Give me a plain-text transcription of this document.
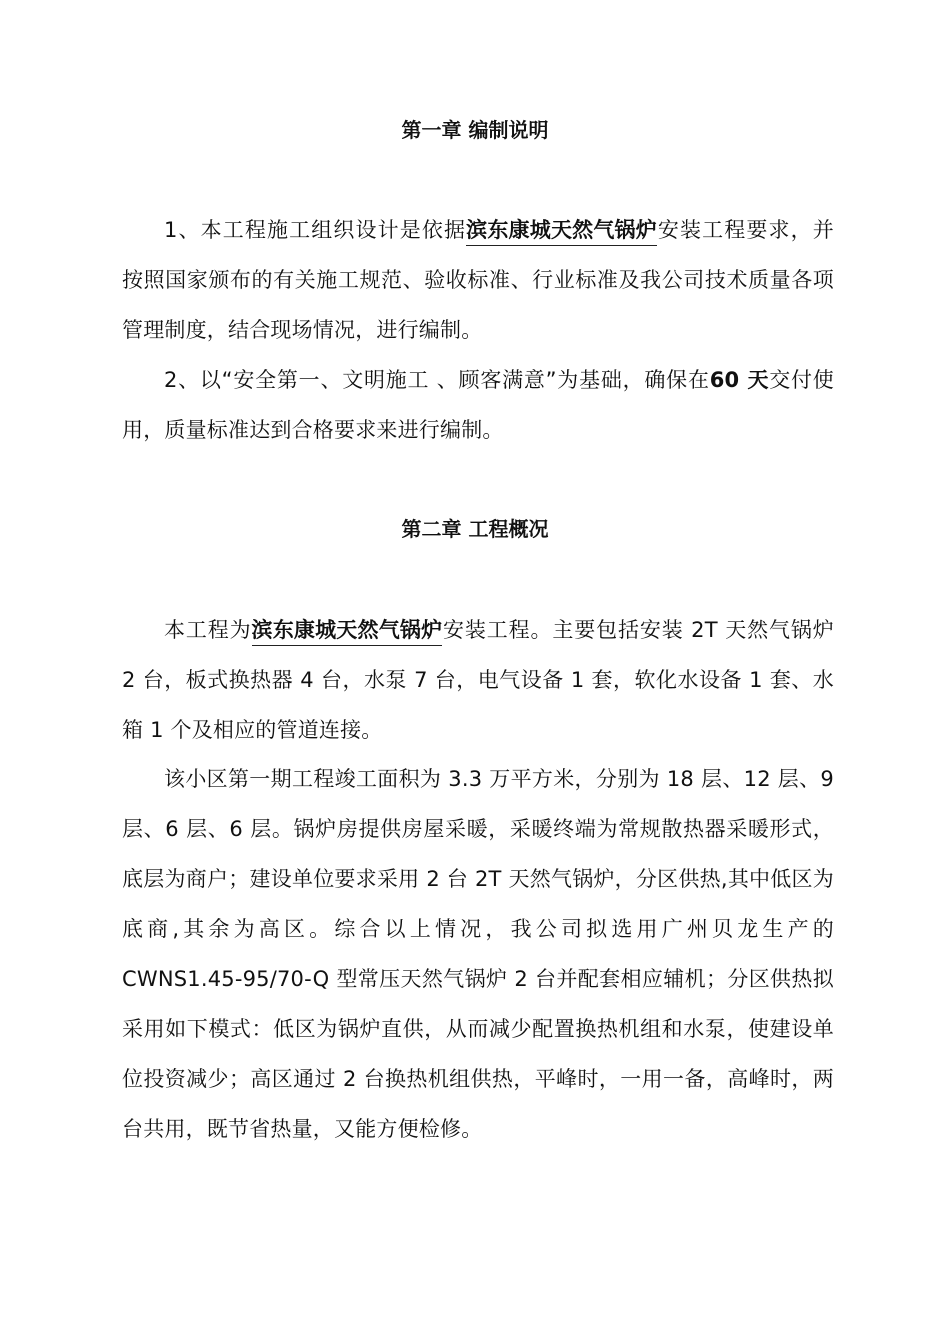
第一章 编制说明

1、本工程施工组织设计是依据滨东康城天然气锅炉安装工程要求，并按照国家颁布的有关施工规范、验收标准、行业标准及我公司技术质量各项管理制度，结合现场情况，进行编制。

2、以“安全第一、文明施工 、顾客满意”为基础，确保在60 天交付使用，质量标准达到合格要求来进行编制。

第二章 工程概况

本工程为滨东康城天然气锅炉安装工程。主要包括安装 2T 天然气锅炉 2 台，板式换热器 4 台，水泵 7 台，电气设备 1 套，软化水设备 1 套、水箱 1 个及相应的管道连接。

该小区第一期工程竣工面积为 3.3 万平方米，分别为 18 层、12 层、9 层、6 层、6 层。锅炉房提供房屋采暖，采暖终端为常规散热器采暖形式，底层为商户；建设单位要求采用 2 台 2T 天然气锅炉，分区供热,其中低区为底商,其余为高区。综合以上情况，我公司拟选用广州贝龙生产的 CWNS1.45-95/70-Q 型常压天然气锅炉 2 台并配套相应辅机；分区供热拟采用如下模式：低区为锅炉直供，从而减少配置换热机组和水泵，使建设单位投资减少；高区通过 2 台换热机组供热，平峰时，一用一备，高峰时，两台共用，既节省热量，又能方便检修。
